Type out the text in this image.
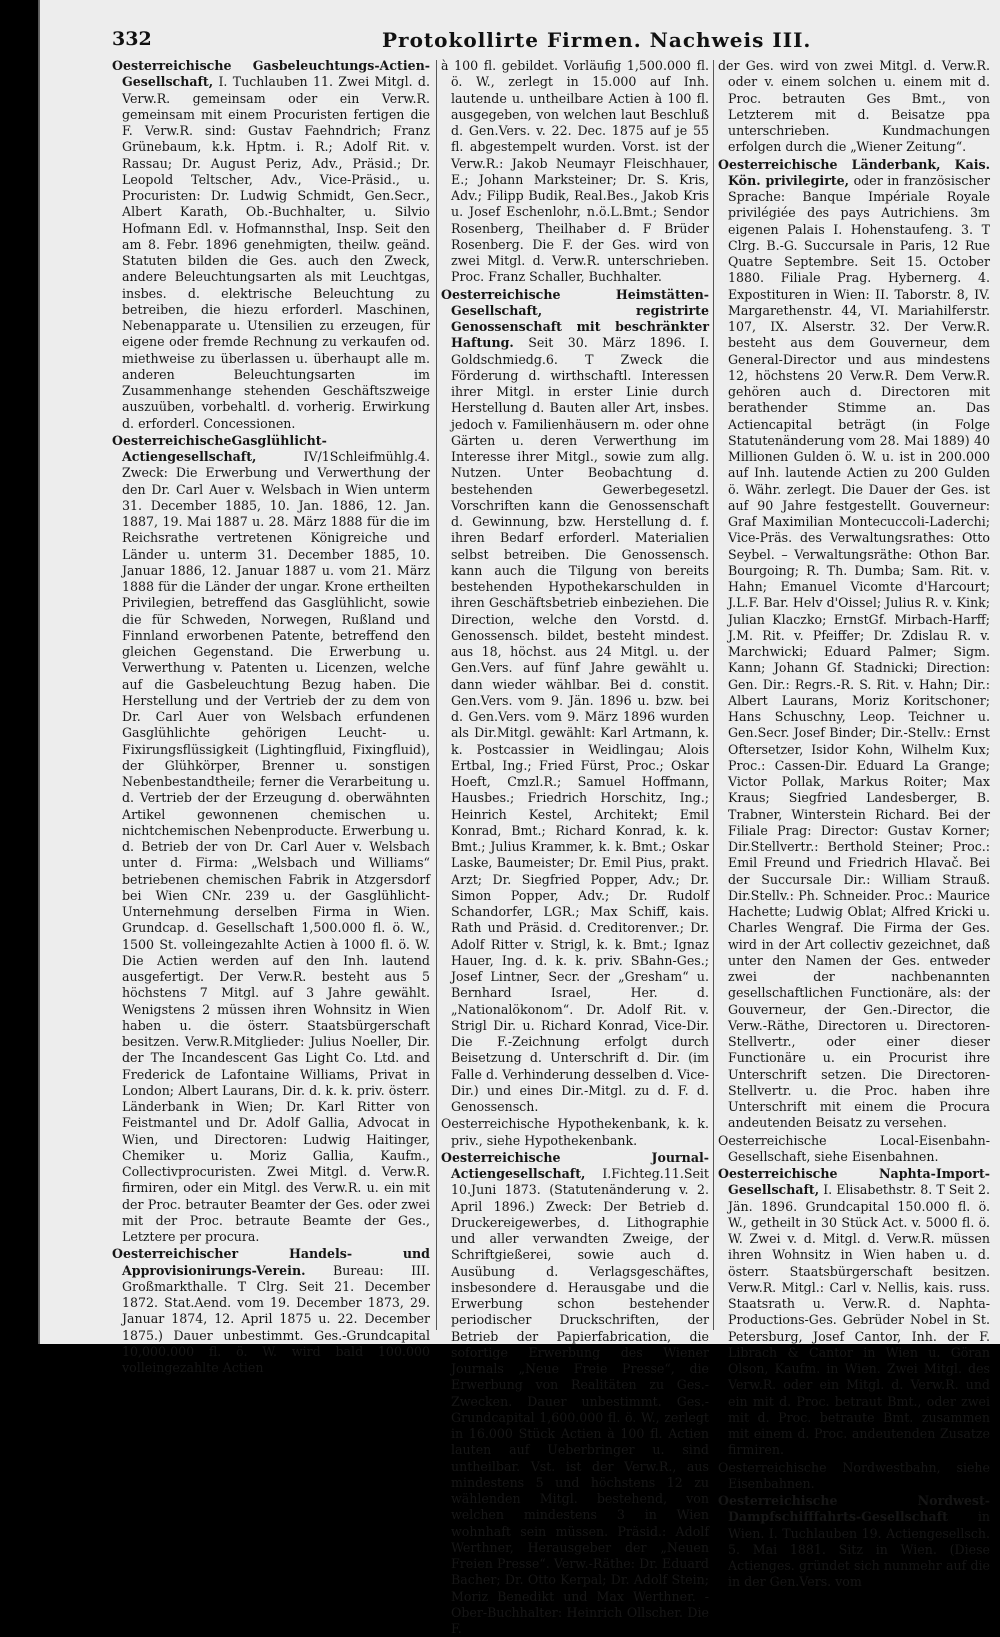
332	Protokollirte Firmen. Nachweis III.

Oesterreichische Gasbeleuchtungs-Actien-Gesellschaft, I. Tuchlauben 11. Zwei Mitgl. d. Verw.R. gemeinsam oder ein Verw.R. gemeinsam mit einem Procuristen fertigen die F. Verw.R. sind: Gustav Faehndrich; Franz Grünebaum, k.k. Hptm. i. R.; Adolf Rit. v. Rassau; Dr. August Periz, Adv., Präsid.; Dr. Leopold Teltscher, Adv., Vice-Präsid., u. Procuristen: Dr. Ludwig Schmidt, Gen.Secr., Albert Karath, Ob.-Buchhalter, u. Silvio Hofmann Edl. v. Hofmannsthal, Insp. Seit den am 8. Febr. 1896 genehmigten, theilw. geänd. Statuten bilden die Ges. auch den Zweck, andere Beleuchtungsarten als mit Leuchtgas, insbes. d. elektrische Beleuchtung zu betreiben, die hiezu erforderl. Maschinen, Nebenapparate u. Utensilien zu erzeugen, für eigene oder fremde Rechnung zu verkaufen od. miethweise zu überlassen u. überhaupt alle m. anderen Beleuchtungsarten im Zusammenhange stehenden Geschäftszweige auszuüben, vorbehaltl. d. vorherig. Erwirkung d. erforderl. Concessionen.

OesterreichischeGasglühlicht-Actiengesellschaft,	IV/1Schleifmühlg.4. Zweck: Die Erwerbung und Verwerthung der den Dr. Carl Auer v. Welsbach in Wien unterm 31. December 1885, 10. Jan. 1886, 12. Jan. 1887, 19. Mai 1887 u. 28. März 1888 für die im Reichsrathe vertretenen Königreiche und Länder u. unterm 31. December 1885, 10. Januar 1886, 12. Januar 1887 u. vom 21. März 1888 für die Länder der ungar. Krone ertheilten Privilegien, betreffend das Gasglühlicht, sowie die für Schweden, Norwegen, Rußland und Finnland erworbenen Patente, betreffend den gleichen Gegenstand. Die Erwerbung u. Verwerthung v. Patenten u. Licenzen, welche auf die Gasbeleuchtung Bezug haben. Die Herstellung und der Vertrieb der zu dem von Dr. Carl Auer von Welsbach erfundenen Gasglühlichte gehörigen Leucht- u. Fixirungsflüssigkeit (Lightingfluid, Fixingfluid), der Glühkörper, Brenner u. sonstigen Nebenbestandtheile; ferner die Verarbeitung u. d. Vertrieb der der Erzeugung d. oberwähnten Artikel gewonnenen chemischen u. nichtchemischen Nebenproducte. Erwerbung u. d. Betrieb der von Dr. Carl Auer v. Welsbach unter d. Firma: „Welsbach und Williams“ betriebenen chemischen Fabrik in Atzgersdorf bei Wien CNr. 239 u. der Gasglühlicht-Unternehmung derselben Firma in Wien. Grundcap. d. Gesellschaft 1,500.000 fl. ö. W., 1500 St. volleingezahlte Actien à 1000 fl. ö. W. Die Actien werden auf den Inh. lautend ausgefertigt. Der Verw.R. besteht aus 5 höchstens 7 Mitgl. auf 3 Jahre gewählt. Wenigstens 2 müssen ihren Wohnsitz in Wien haben u. die österr. Staatsbürgerschaft besitzen. Verw.R.Mitglieder: Julius Noeller, Dir. der The Incandescent Gas Light Co. Ltd. and Frederick de Lafontaine Williams, Privat in London; Albert Laurans, Dir. d. k. k. priv. österr. Länderbank in Wien; Dr. Karl Ritter von Feistmantel und Dr. Adolf Gallia, Advocat in Wien, und Directoren: Ludwig Haitinger, Chemiker u. Moriz Gallia, Kaufm., Collectivprocuristen. Zwei Mitgl. d. Verw.R. firmiren, oder ein Mitgl. des Verw.R. u. ein mit der Proc. betrauter Beamter der Ges. oder zwei mit der Proc. betraute Beamte der Ges., Letztere per procura.

Oesterreichischer Handels- und Approvisionirungs-Verein. Bureau: III. Großmarkthalle. T Clrg. Seit 21. December 1872. Stat.Aend. vom 19. December 1873, 29. Januar 1874, 12. April 1875 u. 22. December 1875.) Dauer unbestimmt. Ges.-Grundcapital 10,000.000 fl. ö. W. wird bald 100.000 volleingezahlte Actien

à 100 fl. gebildet. Vorläufig 1,500.000 fl. ö. W., zerlegt in 15.000 auf Inh. lautende u. untheilbare Actien à 100 fl. ausgegeben, von welchen laut Beschluß d. Gen.Vers. v. 22. Dec. 1875 auf je 55 fl. abgestempelt wurden. Vorst. ist der Verw.R.: Jakob Neumayr Fleischhauer, E.; Johann Marksteiner; Dr. S. Kris, Adv.; Filipp Budik, Real.Bes., Jakob Kris u. Josef Eschenlohr, n.ö.L.Bmt.; Sendor Rosenberg, Theilhaber d. F Brüder Rosenberg. Die F. der Ges. wird von zwei Mitgl. d. Verw.R. unterschrieben. Proc. Franz Schaller, Buchhalter.

Oesterreichische Heimstätten-Gesellschaft, registrirte Genossenschaft mit beschränkter Haftung. Seit 30. März 1896. I. Goldschmiedg.6. T Zweck die Förderung d. wirthschaftl. Interessen ihrer Mitgl. in erster Linie durch Herstellung d. Bauten aller Art, insbes. jedoch v. Familienhäusern m. oder ohne Gärten u. deren Verwerthung im Interesse ihrer Mitgl., sowie zum allg. Nutzen. Unter Beobachtung d. bestehenden Gewerbegesetzl. Vorschriften kann die Genossenschaft d. Gewinnung, bzw. Herstellung d. f. ihren Bedarf erforderl. Materialien selbst betreiben. Die Genossensch. kann auch die Tilgung von bereits bestehenden Hypothekarschulden in ihren Geschäftsbetrieb einbeziehen. Die Direction, welche den Vorstd. d. Genossensch. bildet, besteht mindest. aus 18, höchst. aus 24 Mitgl. u. der Gen.Vers. auf fünf Jahre gewählt u. dann wieder wählbar. Bei d. constit. Gen.Vers. vom 9. Jän. 1896 u. bzw. bei d. Gen.Vers. vom 9. März 1896 wurden als Dir.Mitgl. gewählt: Karl Artmann, k. k. Postcassier in Weidlingau; Alois Ertbal, Ing.; Fried Fürst, Proc.; Oskar Hoeft, Cmzl.R.; Samuel Hoffmann, Hausbes.; Friedrich Horschitz, Ing.; Heinrich Kestel, Architekt; Emil Konrad, Bmt.; Richard Konrad, k. k. Bmt.; Julius Krammer, k. k. Bmt.; Oskar Laske, Baumeister; Dr. Emil Pius, prakt. Arzt; Dr. Siegfried Popper, Adv.; Dr. Simon Popper, Adv.; Dr. Rudolf Schandorfer, LGR.; Max Schiff, kais. Rath und Präsid. d. Creditorenver.; Dr. Adolf Ritter v. Strigl, k. k. Bmt.; Ignaz Hauer, Ing. d. k. k. priv. SBahn-Ges.; Josef Lintner, Secr. der „Gresham“ u. Bernhard Israel, Her. d. „Nationalökonom“. Dr. Adolf Rit. v. Strigl Dir. u. Richard Konrad, Vice-Dir. Die F.-Zeichnung erfolgt durch Beisetzung d. Unterschrift d. Dir. (im Falle d. Verhinderung desselben d. Vice-Dir.) und eines Dir.-Mitgl. zu d. F. d. Genossensch.

Oesterreichische Hypothekenbank, k. k. priv., siehe Hypothekenbank.

Oesterreichische Journal-Actiengesellschaft, I.Fichteg.11.Seit 10.Juni 1873. (Statutenänderung v. 2. April 1896.) Zweck: Der Betrieb d. Druckereigewerbes, d. Lithographie und aller verwandten Zweige, der Schriftgießerei, sowie auch d. Ausübung d. Verlagsgeschäftes, insbesondere d. Herausgabe und die Erwerbung schon bestehender periodischer Druckschriften, der Betrieb der Papierfabrication, die sofortige Erwerbung des Wiener Journals „Neue Freie Presse“, die Erwerbung von Realitäten zu Ges.-Zwecken. Dauer unbestimmt. Ges.-Grundcapital 1,600.000 fl. ö. W., zerlegt in 16.000 Stück Actien à 100 fl. Actien lauten auf Ueberbringer u. sind untheilbar. Vst. ist der Verw.R., aus mindestens 5 und höchstens 12 zu wählenden Mitgl. bestehend, von welchen mindestens 3 in Wien wohnhaft sein müssen. Präsid.: Adolf Werthner, Herausgeber der „Neuen Freien Presse“. Verw.-Räthe: Dr. Eduard Bacher; Dr. Otto Kerpal; Dr. Adolf Stein; Moriz Benedikt und Max Werthner. - Ober-Buchhalter: Heinrich Ollscher. Die F.

der Ges. wird von zwei Mitgl. d. Verw.R. oder v. einem solchen u. einem mit d. Proc. betrauten Ges Bmt., von Letzterem mit d. Beisatze ppa unterschrieben. Kundmachungen erfolgen durch die „Wiener Zeitung“.

Oesterreichische Länderbank, Kais. Kön. privilegirte, oder in französischer Sprache: Banque Impériale Royale privilégiée des pays Autrichiens. 3m eigenen Palais I. Hohenstaufeng. 3. T Clrg. B.-G. Succursale in Paris, 12 Rue Quatre Septembre. Seit 15. October 1880. Filiale Prag. Hybernerg. 4. Expostituren in Wien: II. Taborstr. 8, IV. Margarethenstr. 44, VI. Mariahilferstr. 107, IX. Alserstr. 32. Der Verw.R. besteht aus dem Gouverneur, dem General-Director und aus mindestens 12, höchstens 20 Verw.R. Dem Verw.R. gehören auch d. Directoren mit berathender Stimme an. Das Actiencapital beträgt (in Folge Statutenänderung vom 28. Mai 1889) 40 Millionen Gulden ö. W. u. ist in 200.000 auf Inh. lautende Actien zu 200 Gulden ö. Währ. zerlegt. Die Dauer der Ges. ist auf 90 Jahre festgestellt. Gouverneur: Graf Maximilian Montecuccoli-Laderchi; Vice-Präs. des Verwaltungsrathes: Otto Seybel. – Verwaltungsräthe: Othon Bar. Bourgoing; R. Th. Dumba; Sam. Rit. v. Hahn; Emanuel Vicomte d'Harcourt; J.L.F. Bar. Helv d'Oissel; Julius R. v. Kink; Julian Klaczko; ErnstGf. Mirbach-Harff; J.M. Rit. v. Pfeiffer; Dr. Zdislau R. v. Marchwicki; Eduard Palmer; Sigm. Kann; Johann Gf. Stadnicki; Direction: Gen. Dir.: Regrs.-R. S. Rit. v. Hahn; Dir.: Albert Laurans, Moriz Koritschoner; Hans Schuschny, Leop. Teichner u. Gen.Secr. Josef Binder; Dir.-Stellv.: Ernst Oftersetzer, Isidor Kohn, Wilhelm Kux; Proc.: Cassen-Dir. Eduard La Grange; Victor Pollak, Markus Roiter; Max Kraus; Siegfried Landesberger, B. Trabner, Winterstein Richard. Bei der Filiale Prag: Director: Gustav Korner; Dir.Stellvertr.: Berthold Steiner; Proc.: Emil Freund und Friedrich Hlavač. Bei der Succursale Dir.: William Strauß. Dir.Stellv.: Ph. Schneider. Proc.: Maurice Hachette; Ludwig Oblat; Alfred Kricki u. Charles Wengraf. Die Firma der Ges. wird in der Art collectiv gezeichnet, daß unter den Namen der Ges. entweder zwei der nachbenannten gesellschaftlichen Functionäre, als: der Gouverneur, der Gen.-Director, die Verw.-Räthe, Directoren u. Directoren-Stellvertr., oder einer dieser Functionäre u. ein Procurist ihre Unterschrift setzen. Die Directoren-Stellvertr. u. die Proc. haben ihre Unterschrift mit einem die Procura andeutenden Beisatz zu versehen.

Oesterreichische Local-Eisenbahn-Gesellschaft, siehe Eisenbahnen.

Oesterreichische Naphta-Import-Gesellschaft, I. Elisabethstr. 8. T Seit 2. Jän. 1896. Grundcapital 150.000 fl. ö. W., getheilt in 30 Stück Act. v. 5000 fl. ö. W. Zwei v. d. Mitgl. d. Verw.R. müssen ihren Wohnsitz in Wien haben u. d. österr. Staatsbürgerschaft besitzen. Verw.R. Mitgl.: Carl v. Nellis, kais. russ. Staatsrath u. Verw.R. d. Naphta-Productions-Ges. Gebrüder Nobel in St. Petersburg, Josef Cantor, Inh. der F. Librach & Cantor in Wien u. Göran Olson, Kaufm. in Wien. Zwei Mitgl. des Verw.R. oder ein Mitgl. d. Verw.R. und ein mit d. Proc. betraut Bmt., oder zwei mit d. Proc. betraute Bmt. zusammen mit einem d. Proc. andeutenden Zusatze firmiren.

Oesterreichische Nordwestbahn, siehe Eisenbahnen.

Oesterreichische Nordwest-Dampfschifffahrts-Gesellschaft in Wien. I. Tuchlauben 19. Actiengesellsch. 5. Mai 1881. Sitz in Wien. (Diese Actienges. gründet sich nunmehr auf die in der Gen.Vers. vom
